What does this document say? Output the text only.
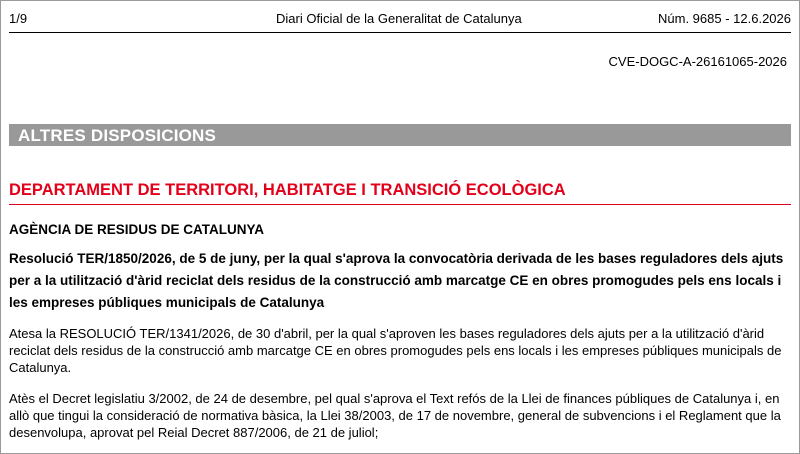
1/9	Diari Oficial de la Generalitat de Catalunya	Núm. 9685 - 12.6.2026
CVE-DOGC-A-26161065-2026
ALTRES DISPOSICIONS
DEPARTAMENT DE TERRITORI, HABITATGE I TRANSICIÓ ECOLÒGICA
AGÈNCIA DE RESIDUS DE CATALUNYA
Resolució TER/1850/2026, de 5 de juny, per la qual s'aprova la convocatòria derivada de les bases reguladores dels ajuts per a la utilització d'àrid reciclat dels residus de la construcció amb marcatge CE en obres promogudes pels ens locals i les empreses públiques municipals de Catalunya
Atesa la RESOLUCIÓ TER/1341/2026, de 30 d'abril, per la qual s'aproven les bases reguladores dels ajuts per a la utilització d'àrid reciclat dels residus de la construcció amb marcatge CE en obres promogudes pels ens locals i les empreses públiques municipals de Catalunya.
Atès el Decret legislatiu 3/2002, de 24 de desembre, pel qual s'aprova el Text refós de la Llei de finances públiques de Catalunya i, en allò que tingui la consideració de normativa bàsica, la Llei 38/2003, de 17 de novembre, general de subvencions i el Reglament que la desenvolupa, aprovat pel Reial Decret 887/2006, de 21 de juliol;
